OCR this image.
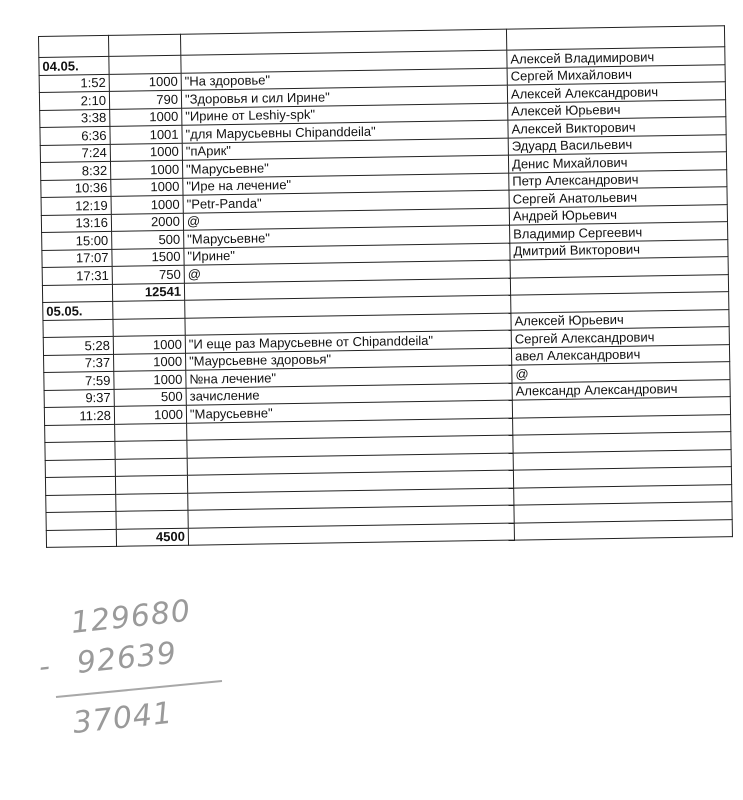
04.05.			Алексей Владимирович
1:52	1000	"На здоровье"	Сергей Михайлович
2:10	790	"Здоровья и сил Ирине"	Алексей Александрович
3:38	1000	"Ирине от Leshiy-spk"	Алексей Юрьевич
6:36	1001	"для Марусьевны Chipanddeila"	Алексей Викторович
7:24	1000	"пАрик"	Эдуард Васильевич
8:32	1000	"Марусьевне"	Денис Михайлович
10:36	1000	"Ире на лечение"	Петр Александрович
12:19	1000	"Petr-Panda"	Сергей Анатольевич
13:16	2000	@	Андрей Юрьевич
15:00	500	"Марусьевне"	Владимир Сергеевич
17:07	1500	"Ирине"	Дмитрий Викторович
17:31	750	@	
	12541		
05.05.			
			Алексей Юрьевич
5:28	1000	"И еще раз Марусьевне от Chipanddeila"	Сергей Александрович
7:37	1000	"Маурсьевне здоровья"	авел Александрович
7:59	1000	№на лечение"	@
9:37	500	зачисление	Александр Александрович
11:28	1000	"Марусьевне"	

	4500		
129680
- 92639
37041
